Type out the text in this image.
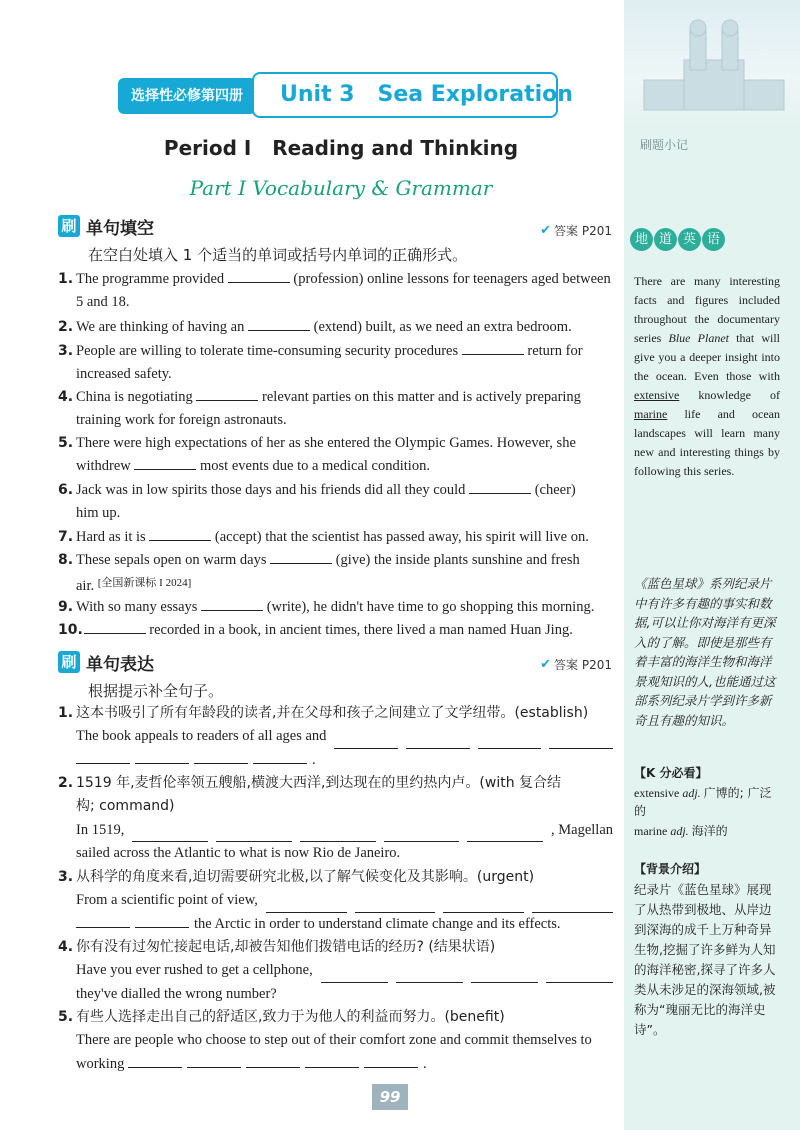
刷题小记
地 道 英 语
There are many interesting facts and figures included throughout the documentary series Blue Planet that will give you a deeper insight into the ocean. Even those with extensive knowledge of marine life and ocean landscapes will learn many new and interesting things by following this series.
《蓝色星球》系列纪录片中有许多有趣的事实和数据,可以让你对海洋有更深入的了解。即使是那些有着丰富的海洋生物和海洋景观知识的人,也能通过这部系列纪录片学到许多新奇且有趣的知识。
【K 分必看】
extensive adj. 广博的; 广泛的
marine adj. 海洋的
【背景介绍】
纪录片《蓝色星球》展现了从热带到极地、从岸边到深海的成千上万种奇异生物,挖掘了许多鲜为人知的海洋秘密,探寻了许多人类从未涉足的深海领域,被称为“瑰丽无比的海洋史诗”。
选择性必修第四册	Unit 3   Sea Exploration
Period I   Reading and Thinking
Part I Vocabulary & Grammar
刷 单句填空	✔ 答案 P201
在空白处填入 1 个适当的单词或括号内单词的正确形式。
1. The programme provided	(profession) online lessons for teenagers aged between
5 and 18.
2. We are thinking of having an	(extend) built, as we need an extra bedroom.
3. People are willing to tolerate time-consuming security procedures	return for
increased safety.
4. China is negotiating	relevant parties on this matter and is actively preparing
training work for foreign astronauts.
5. There were high expectations of her as she entered the Olympic Games. However, she
withdrew	most events due to a medical condition.
6. Jack was in low spirits those days and his friends did all they could	(cheer)
him up.
7. Hard as it is	(accept) that the scientist has passed away, his spirit will live on.
8. These sepals open on warm days	(give) the inside plants sunshine and fresh
air. [全国新课标 I 2024]
9. With so many essays	(write), he didn't have time to go shopping this morning.
10.	recorded in a book, in ancient times, there lived a man named Huan Jing.
刷 单句表达	✔ 答案 P201
根据提示补全句子。
1. 这本书吸引了所有年龄段的读者,并在父母和孩子之间建立了文学纽带。(establish)
The book appeals to readers of all ages and
.
2. 1519 年,麦哲伦率领五艘船,横渡大西洋,到达现在的里约热内卢。(with 复合结
构; command)
In 1519,	, Magellan
sailed across the Atlantic to what is now Rio de Janeiro.
3. 从科学的角度来看,迫切需要研究北极,以了解气候变化及其影响。(urgent)
From a scientific point of view,
the Arctic in order to understand climate change and its effects.
4. 你有没有过匆忙接起电话,却被告知他们拨错电话的经历? (结果状语)
Have you ever rushed to get a cellphone,
they've dialled the wrong number?
5. 有些人选择走出自己的舒适区,致力于为他人的利益而努力。(benefit)
There are people who choose to step out of their comfort zone and commit themselves to
working	.
99
